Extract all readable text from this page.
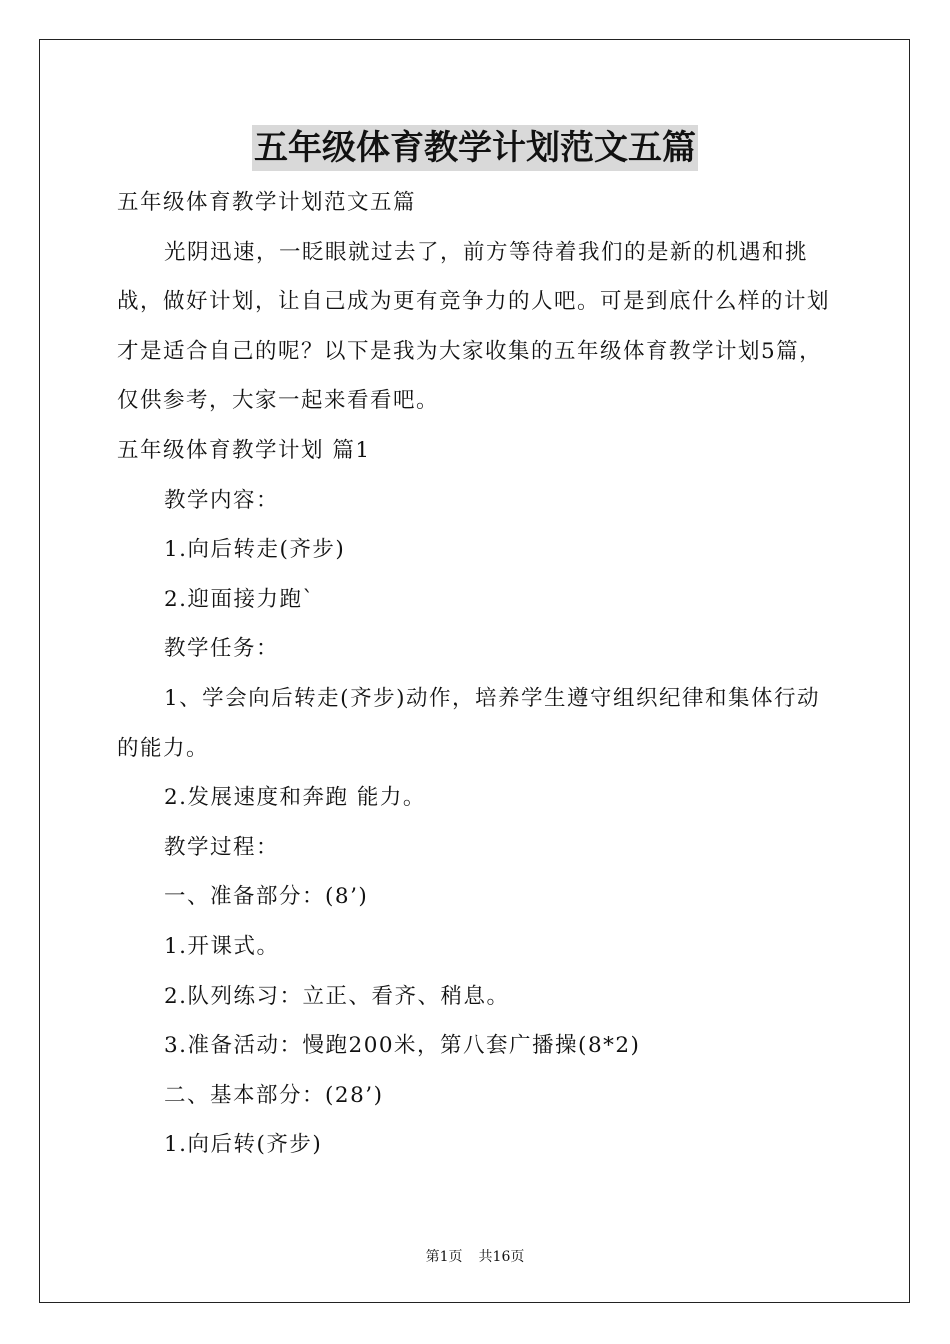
五年级体育教学计划范文五篇

五年级体育教学计划范文五篇

光阴迅速，一眨眼就过去了，前方等待着我们的是新的机遇和挑战，做好计划，让自己成为更有竞争力的人吧。可是到底什么样的计划才是适合自己的呢？以下是我为大家收集的五年级体育教学计划5篇，仅供参考，大家一起来看看吧。

五年级体育教学计划 篇1

教学内容：

1.向后转走(齐步)

2.迎面接力跑`

教学任务：

1、学会向后转走(齐步)动作，培养学生遵守组织纪律和集体行动的能力。

2.发展速度和奔跑 能力。

教学过程：

一、准备部分：(8’)

1.开课式。

2.队列练习：立正、看齐、稍息。

3.准备活动：慢跑200米，第八套广播操(8*2)

二、基本部分：(28’)

1.向后转(齐步)

第1页 共16页
